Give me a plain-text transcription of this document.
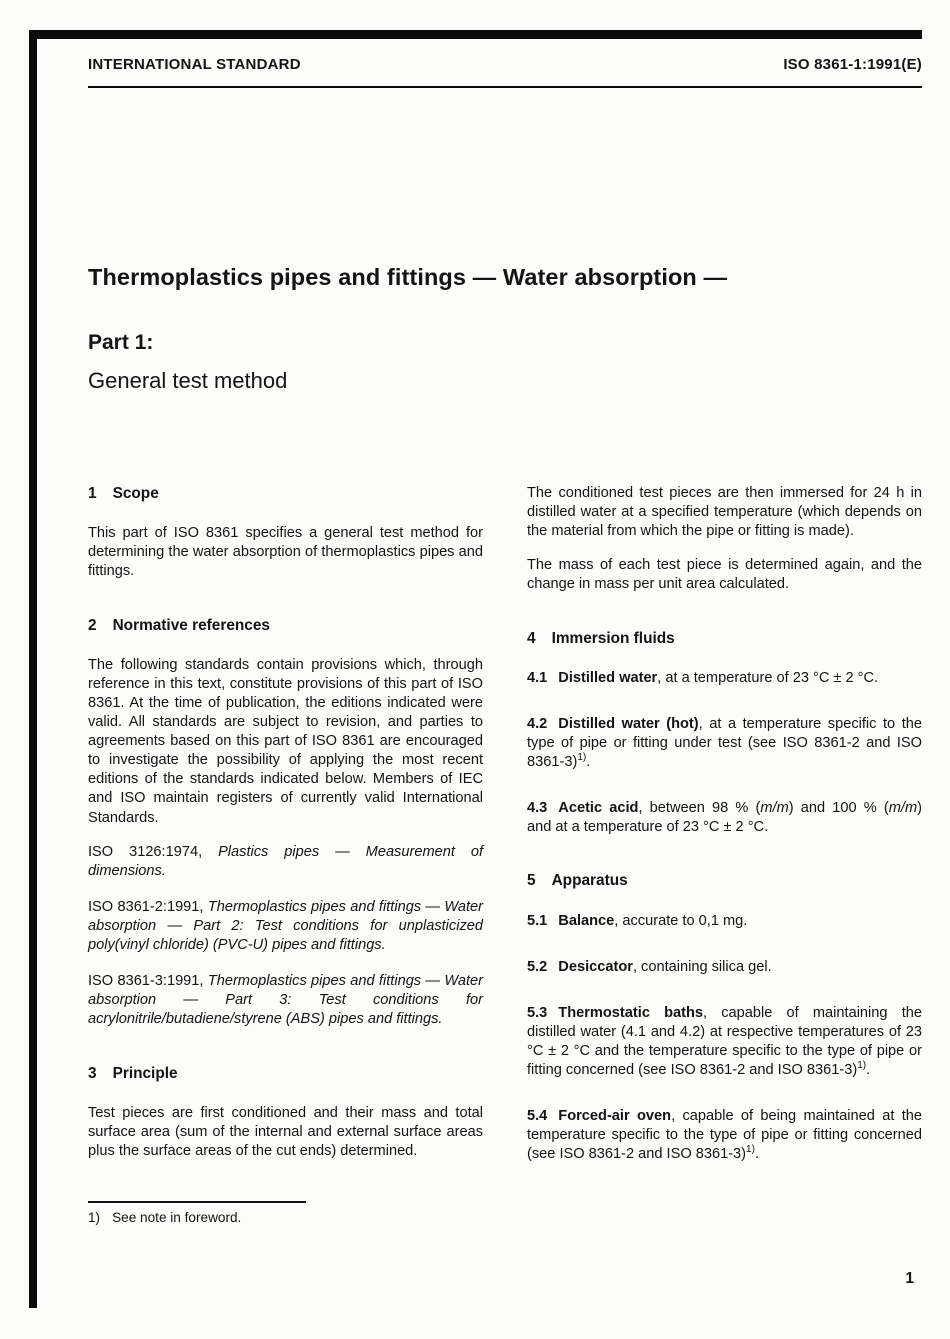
INTERNATIONAL STANDARD	ISO 8361-1:1991(E)
Thermoplastics pipes and fittings — Water absorption —
Part 1:
General test method
1 Scope

This part of ISO 8361 specifies a general test method for determining the water absorption of thermoplastics pipes and fittings.

2 Normative references

The following standards contain provisions which, through reference in this text, constitute provisions of this part of ISO 8361. At the time of publication, the editions indicated were valid. All standards are subject to revision, and parties to agreements based on this part of ISO 8361 are encouraged to investigate the possibility of applying the most recent editions of the standards indicated below. Members of IEC and ISO maintain registers of currently valid International Standards.

ISO 3126:1974, Plastics pipes — Measurement of dimensions.

ISO 8361-2:1991, Thermoplastics pipes and fittings — Water absorption — Part 2: Test conditions for unplasticized poly(vinyl chloride) (PVC-U) pipes and fittings.

ISO 8361-3:1991, Thermoplastics pipes and fittings — Water absorption — Part 3: Test conditions for acrylonitrile/butadiene/styrene (ABS) pipes and fittings.

3 Principle

Test pieces are first conditioned and their mass and total surface area (sum of the internal and external surface areas plus the surface areas of the cut ends) determined.

The conditioned test pieces are then immersed for 24 h in distilled water at a specified temperature (which depends on the material from which the pipe or fitting is made).

The mass of each test piece is determined again, and the change in mass per unit area calculated.

4 Immersion fluids

4.1 Distilled water, at a temperature of 23 °C ± 2 °C.

4.2 Distilled water (hot), at a temperature specific to the type of pipe or fitting under test (see ISO 8361-2 and ISO 8361-3)$^{1)}$.

4.3 Acetic acid, between 98 % (m/m) and 100 % (m/m) and at a temperature of 23 °C ± 2 °C.

5 Apparatus

5.1 Balance, accurate to 0,1 mg.

5.2 Desiccator, containing silica gel.

5.3 Thermostatic baths, capable of maintaining the distilled water (4.1 and 4.2) at respective temperatures of 23 °C ± 2 °C and the temperature specific to the type of pipe or fitting concerned (see ISO 8361-2 and ISO 8361-3)$^{1)}$.

5.4 Forced-air oven, capable of being maintained at the temperature specific to the type of pipe or fitting concerned (see ISO 8361-2 and ISO 8361-3)$^{1)}$.

1) See note in foreword.
1
